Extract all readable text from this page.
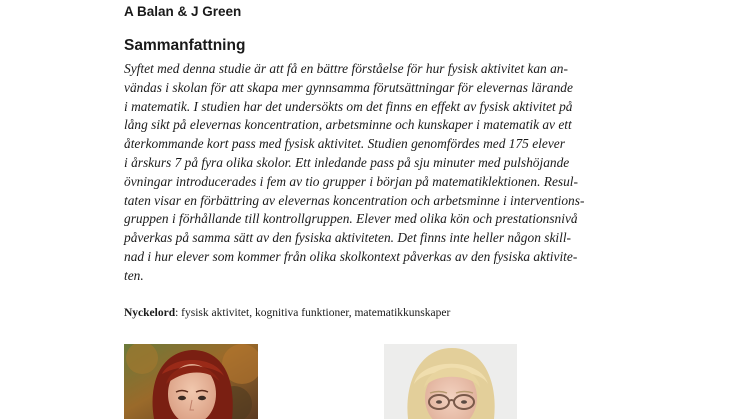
A Balan & J Green
Sammanfattning
Syftet med denna studie är att få en bättre förståelse för hur fysisk aktivitet kan an-
vändas i skolan för att skapa mer gynnsamma förutsättningar för elevernas lärande
i matematik. I studien har det undersökts om det finns en effekt av fysisk aktivitet på
lång sikt på elevernas koncentration, arbetsminne och kunskaper i matematik av ett
återkommande kort pass med fysisk aktivitet. Studien genomfördes med 175 elever
i årskurs 7 på fyra olika skolor. Ett inledande pass på sju minuter med pulshöjande
övningar introducerades i fem av tio grupper i början på matematiklektionen. Resul-
taten visar en förbättring av elevernas koncentration och arbetsminne i interventions-
gruppen i förhållande till kontrollgruppen. Elever med olika kön och prestationsnivå
påverkas på samma sätt av den fysiska aktiviteten. Det finns inte heller någon skill-
nad i hur elever som kommer från olika skolkontext påverkas av den fysiska aktivite-
ten.
Nyckelord: fysisk aktivitet, kognitiva funktioner, matematikkunskaper
